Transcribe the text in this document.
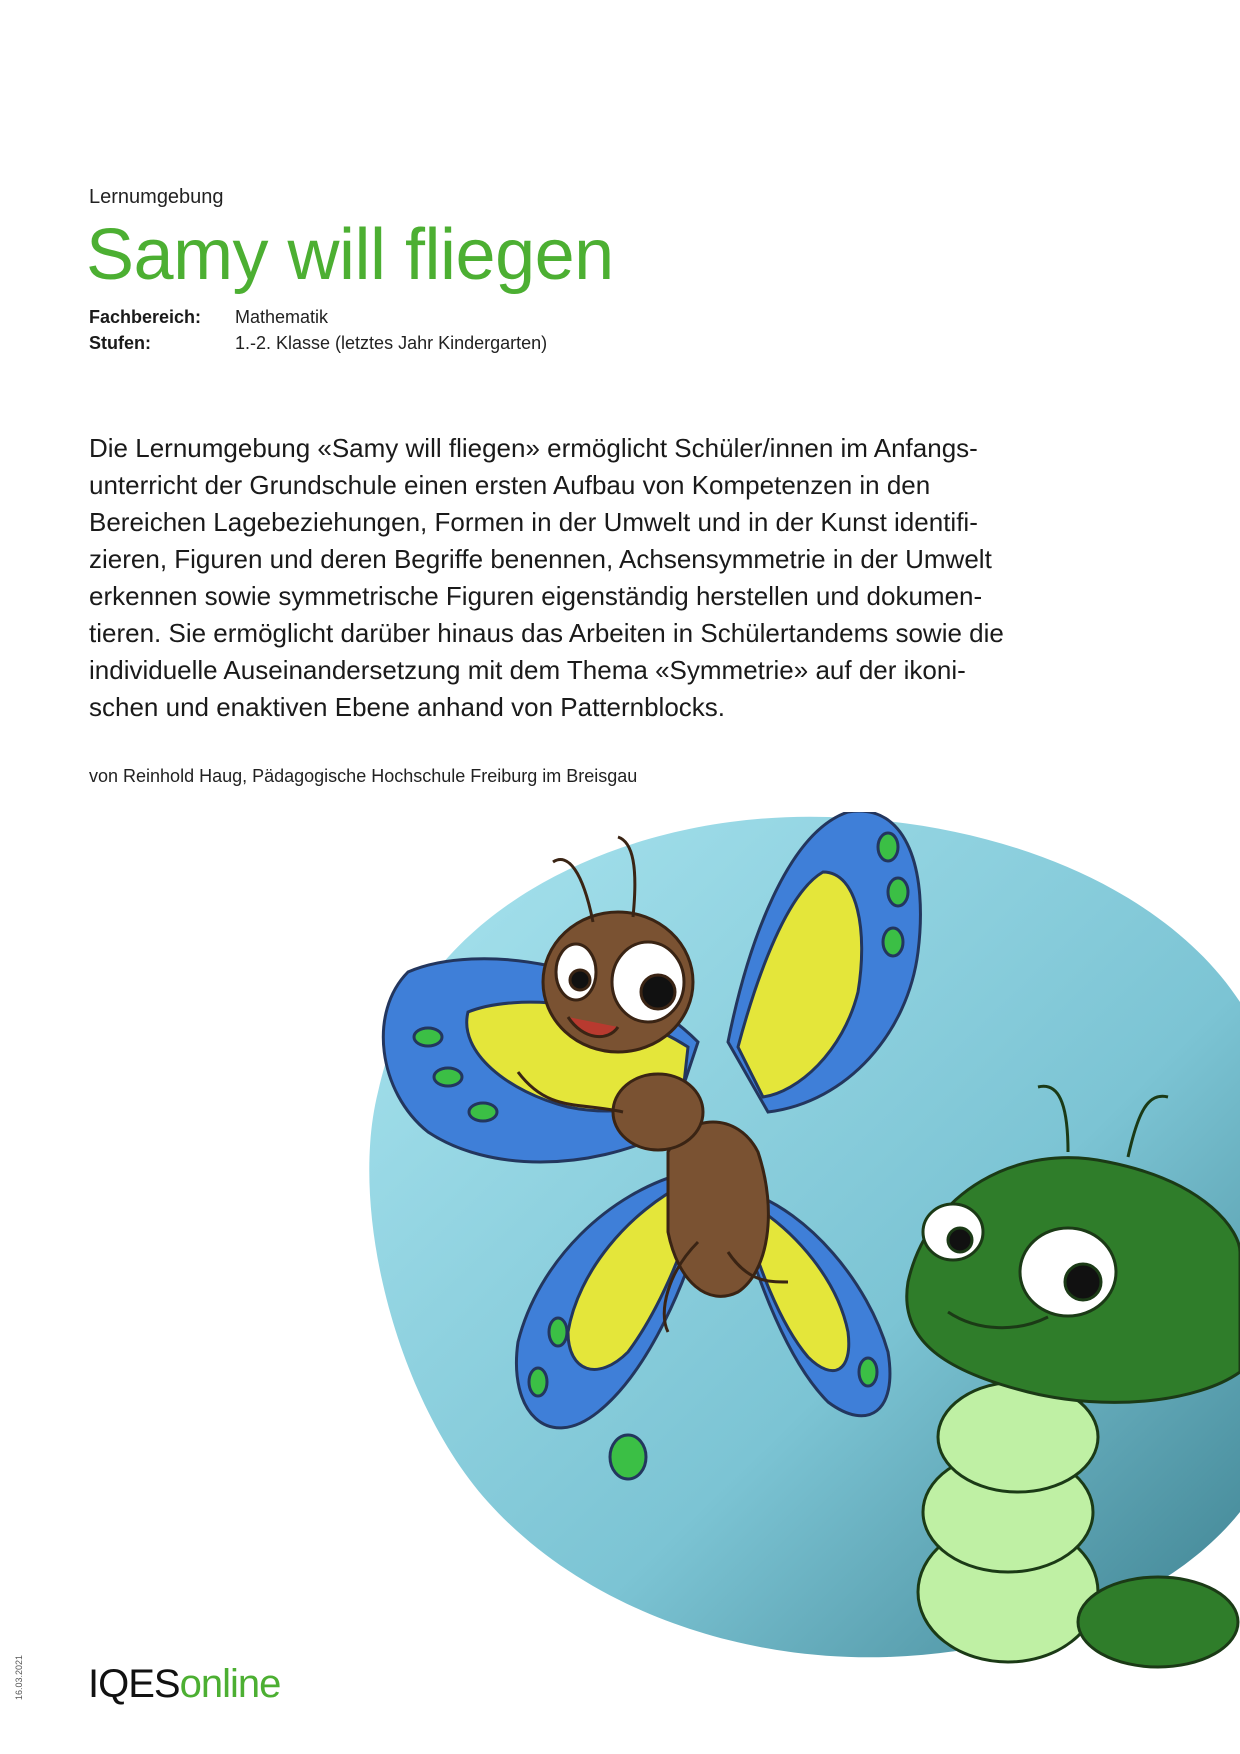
Lernumgebung
Samy will fliegen
Fachbereich:	Mathematik
Stufen:	1.-2. Klasse (letztes Jahr Kindergarten)
Die Lernumgebung «Samy will fliegen» ermöglicht Schüler/innen im Anfangs-
unterricht der Grundschule einen ersten Aufbau von Kompetenzen in den
Bereichen Lagebeziehungen, Formen in der Umwelt und in der Kunst identifi-
zieren, Figuren und deren Begriffe benennen, Achsensymmetrie in der Umwelt
erkennen sowie symmetrische Figuren eigenständig herstellen und dokumen-
tieren. Sie ermöglicht darüber hinaus das Arbeiten in Schülertandems sowie die
individuelle Auseinandersetzung mit dem Thema «Symmetrie» auf der ikoni-
schen und enaktiven Ebene anhand von Patternblocks.
von Reinhold Haug, Pädagogische Hochschule Freiburg im Breisgau
IQESonline
16.03.2021
